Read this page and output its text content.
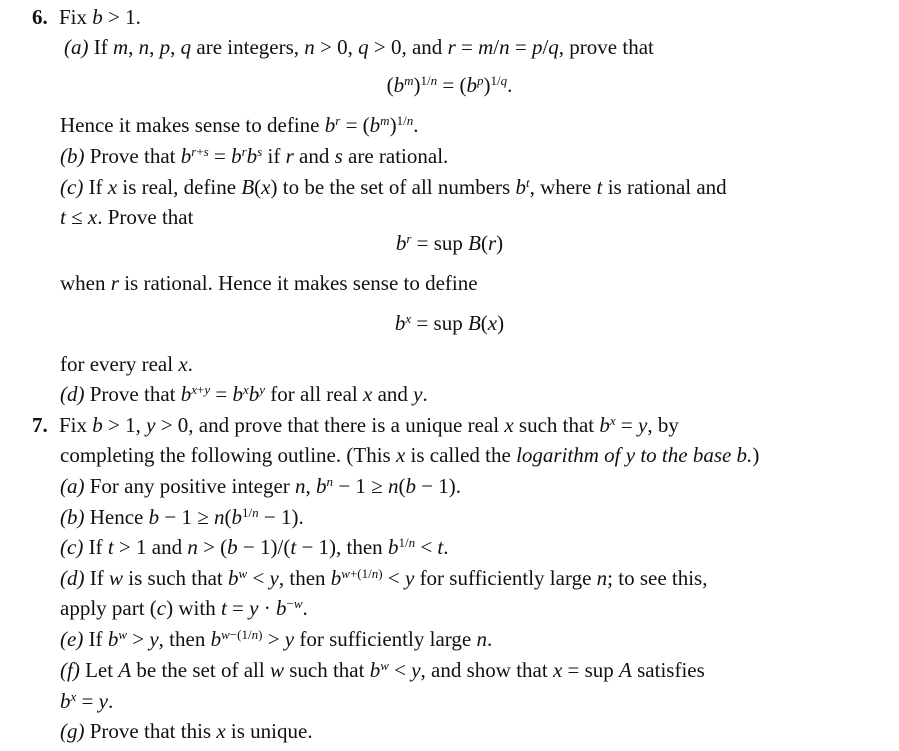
6. Fix b > 1.
(a) If m, n, p, q are integers, n > 0, q > 0, and r = m/n = p/q, prove that
$(b^m)^{1/n} = (b^p)^{1/q}$.
Hence it makes sense to define $b^r = (b^m)^{1/n}$.
(b) Prove that $b^{r+s} = b^rb^s$ if r and s are rational.
(c) If x is real, define B(x) to be the set of all numbers $b^t$, where t is rational and
t ≤ x. Prove that
$b^r$ = sup B(r)
when r is rational. Hence it makes sense to define
$b^x$ = sup B(x)
for every real x.
(d) Prove that $b^{x+y} = b^xb^y$ for all real x and y.
7. Fix b > 1, y > 0, and prove that there is a unique real x such that $b^x = y$, by
completing the following outline. (This x is called the logarithm of y to the base b.)
(a) For any positive integer n, $b^n - 1 \ge n(b - 1)$.
(b) Hence $b - 1 \ge n(b^{1/n} - 1)$.
(c) If t > 1 and n > (b − 1)/(t − 1), then $b^{1/n} < t$.
(d) If w is such that $b^w < y$, then $b^{w+(1/n)} < y$ for sufficiently large n; to see this,
apply part (c) with $t = y \cdot b^{-w}$.
(e) If $b^w > y$, then $b^{w-(1/n)} > y$ for sufficiently large n.
(f) Let A be the set of all w such that $b^w < y$, and show that x = sup A satisfies
$b^x = y$.
(g) Prove that this x is unique.
